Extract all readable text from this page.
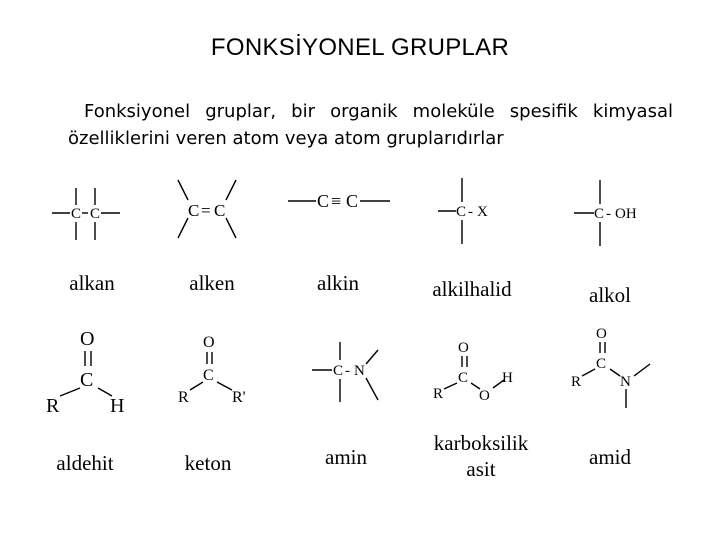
FONKSİYONEL GRUPLAR
Fonksiyonel gruplar, bir organik moleküle spesifik kimyasal
özelliklerini veren atom veya atom gruplarıdırlar
C C	C = C	C ≡ C
C - X	C - OH
alkan	alken	alkin	alkilhalid	alkol
O
C
R	H
O
C
R	R'
C - N
O
C
R O
H
O
C
R	N
aldehit	keton	amin
karboksilik asit	amid
